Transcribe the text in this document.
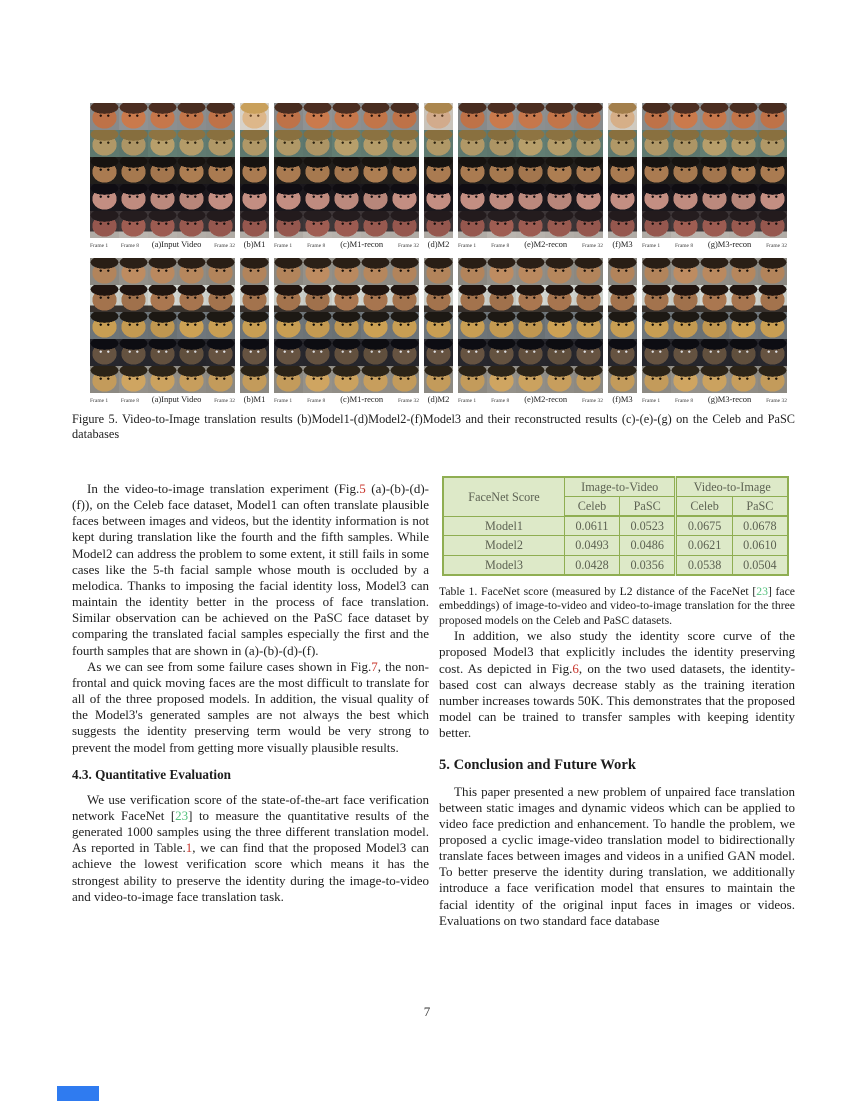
Frame 1 Frame 8 (a)Input Video Frame 32 (b)M1 Frame 1	Frame 8 (c)M1-recon	Frame 32 (d)M2 Frame 1	Frame 8 (e)M2-recon	Frame 32 (f)M3 Frame 1	Frame 8 (g)M3-recon	Frame 32
Frame 1 Frame 8 (a)Input Video Frame 32 (b)M1 Frame 1	Frame 8 (c)M1-recon	Frame 32 (d)M2 Frame 1	Frame 8 (e)M2-recon	Frame 32 (f)M3 Frame 1	Frame 8 (g)M3-recon	Frame 32
Figure 5. Video-to-Image translation results (b)Model1-(d)Model2-(f)Model3 and their reconstructed results (c)-(e)-(g) on the Celeb and PaSC databases

In the video-to-image translation experiment (Fig.5 (a)-(b)-(d)-(f)), on the Celeb face dataset, Model1 can often translate plausible faces between images and videos, but the identity information is not kept during translation like the fourth and the fifth samples. While Model2 can address the problem to some extent, it still fails in some cases like the 5-th facial sample whose mouth is occluded by a melodica. Thanks to imposing the facial identity loss, Model3 can maintain the identity better in the process of face translation. Similar observation can be achieved on the PaSC face dataset by comparing the translated facial samples especially the first and the fourth samples that are shown in (a)-(b)-(d)-(f).

As we can see from some failure cases shown in Fig.7, the non-frontal and quick moving faces are the most difficult to translate for all of the three proposed models. In addition, the visual quality of the Model3's generated samples are not always the best which suggests the identity preserving term would be very strong to prevent the model from getting more visually plausible results.

4.3. Quantitative Evaluation

We use verification score of the state-of-the-art face verification network FaceNet [23] to measure the quantitative results of the generated 1000 samples using the three different translation model. As reported in Table.1, we can find that the proposed Model3 can achieve the lowest verification score which means it has the strongest ability to preserve the identity during the image-to-video and video-to-image face translation task.

FaceNet Score	Image-to-Video		Video-to-Image	
	Celeb	PaSC	Celeb	PaSC
Model1	0.0611	0.0523	0.0675	0.0678
Model2	0.0493	0.0486	0.0621	0.0610
Model3	0.0428	0.0356	0.0538	0.0504
Table 1. FaceNet score (measured by L2 distance of the FaceNet [23] face embeddings) of image-to-video and video-to-image translation for the three proposed models on the Celeb and PaSC datasets.

In addition, we also study the identity score curve of the proposed Model3 that explicitly includes the identity preserving cost. As depicted in Fig.6, on the two used datasets, the identity-based cost can always decrease stably as the training iteration number increases towards 50K. This demonstrates that the proposed model can be trained to transfer samples with keeping identity better.

5. Conclusion and Future Work

This paper presented a new problem of unpaired face translation between static images and dynamic videos which can be applied to video face prediction and enhancement. To handle the problem, we proposed a cyclic image-video translation model to bidirectionally translate faces between images and videos in a unified GAN model. To better preserve the identity during translation, we additionally introduce a face verification model that ensures to maintain the facial identity of the original input faces in images or videos. Evaluations on two standard face database

7
